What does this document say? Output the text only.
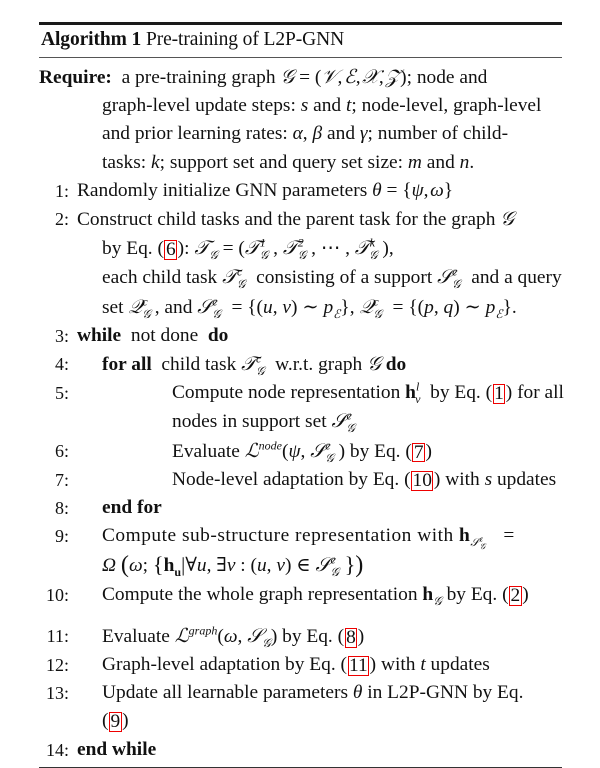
Algorithm 1 Pre-training of L2P-GNN
Require:  a pre-training graph 𝒢 = (𝒱, ℰ, 𝒳, 𝒵); node and
graph-level update steps: s and t; node-level, graph-level
and prior learning rates: α, β and γ; number of child-
tasks: k; support set and query set size: m and n.
1: Randomly initialize GNN parameters θ = {ψ, ω}
2: Construct child tasks and the parent task for the graph 𝒢
by Eq. ( 6 ): 𝒯$_𝒢$ = (𝒯$^1_𝒢$ , 𝒯$^2_𝒢$ , ⋯ , 𝒯$^k_𝒢$ ),
each child task 𝒯$^c_𝒢$ consisting of a support 𝒮$^c_𝒢$ and a query
set 𝒬$^c_𝒢$ , and 𝒮$^c_𝒢$ = {(u, v) ∼ $p_ℰ$}, 𝒬$^c_𝒢$ = {(p, q) ∼ $p_ℰ$}.
3: while  not done  do
4: for all  child task 𝒯$^c_𝒢$ w.r.t. graph 𝒢 do
5:	Compute node representation $h^l_v$ by Eq. ( 1 ) for all
nodes in support set 𝒮$^c_𝒢$
6:	Evaluate ℒ$^{node}$(ψ, 𝒮$^c_𝒢$ ) by Eq. ( 7 )
7:	Node-level adaptation by Eq. ( 10 ) with s updates
8: end for
9: Compute sub-structure representation with $h_{𝒮^c_𝒢}=$
Ω (ω; {$h_u|\forall u$, ∃v : (u, v) ∈ 𝒮$^c_𝒢$ })
10: Compute the whole graph representation $h_𝒢$ by Eq. ( 2 )
11: Evaluate ℒ$^{graph}$(ω, 𝒮$_𝒢$) by Eq. ( 8 )
12: Graph-level adaptation by Eq. ( 11 ) with t updates
13: Update all learnable parameters θ in L2P-GNN by Eq.
( 9 )
14: end while
